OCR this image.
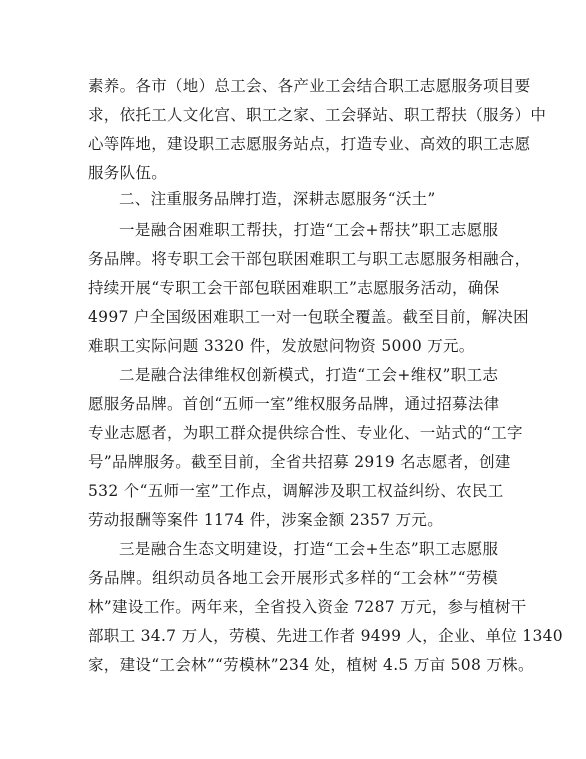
素养。各市（地）总工会、各产业工会结合职工志愿服务项目要
求，依托工人文化宫、职工之家、工会驿站、职工帮扶（服务）中
心等阵地，建设职工志愿服务站点，打造专业、高效的职工志愿
服务队伍。
二、注重服务品牌打造，深耕志愿服务“沃土”
一是融合困难职工帮扶，打造“工会+帮扶”职工志愿服
务品牌。将专职工会干部包联困难职工与职工志愿服务相融合，
持续开展“专职工会干部包联困难职工”志愿服务活动，确保
4997 户全国级困难职工一对一包联全覆盖。截至目前，解决困
难职工实际问题 3320 件，发放慰问物资 5000 万元。
二是融合法律维权创新模式，打造“工会+维权”职工志
愿服务品牌。首创“五师一室”维权服务品牌，通过招募法律
专业志愿者，为职工群众提供综合性、专业化、一站式的“工字
号”品牌服务。截至目前，全省共招募 2919 名志愿者，创建
532 个“五师一室”工作点，调解涉及职工权益纠纷、农民工
劳动报酬等案件 1174 件，涉案金额 2357 万元。
三是融合生态文明建设，打造“工会+生态”职工志愿服
务品牌。组织动员各地工会开展形式多样的“工会林”“劳模
林”建设工作。两年来，全省投入资金 7287 万元，参与植树干
部职工 34.7 万人，劳模、先进工作者 9499 人，企业、单位 1340
家，建设“工会林”“劳模林”234 处，植树 4.5 万亩 508 万株。
